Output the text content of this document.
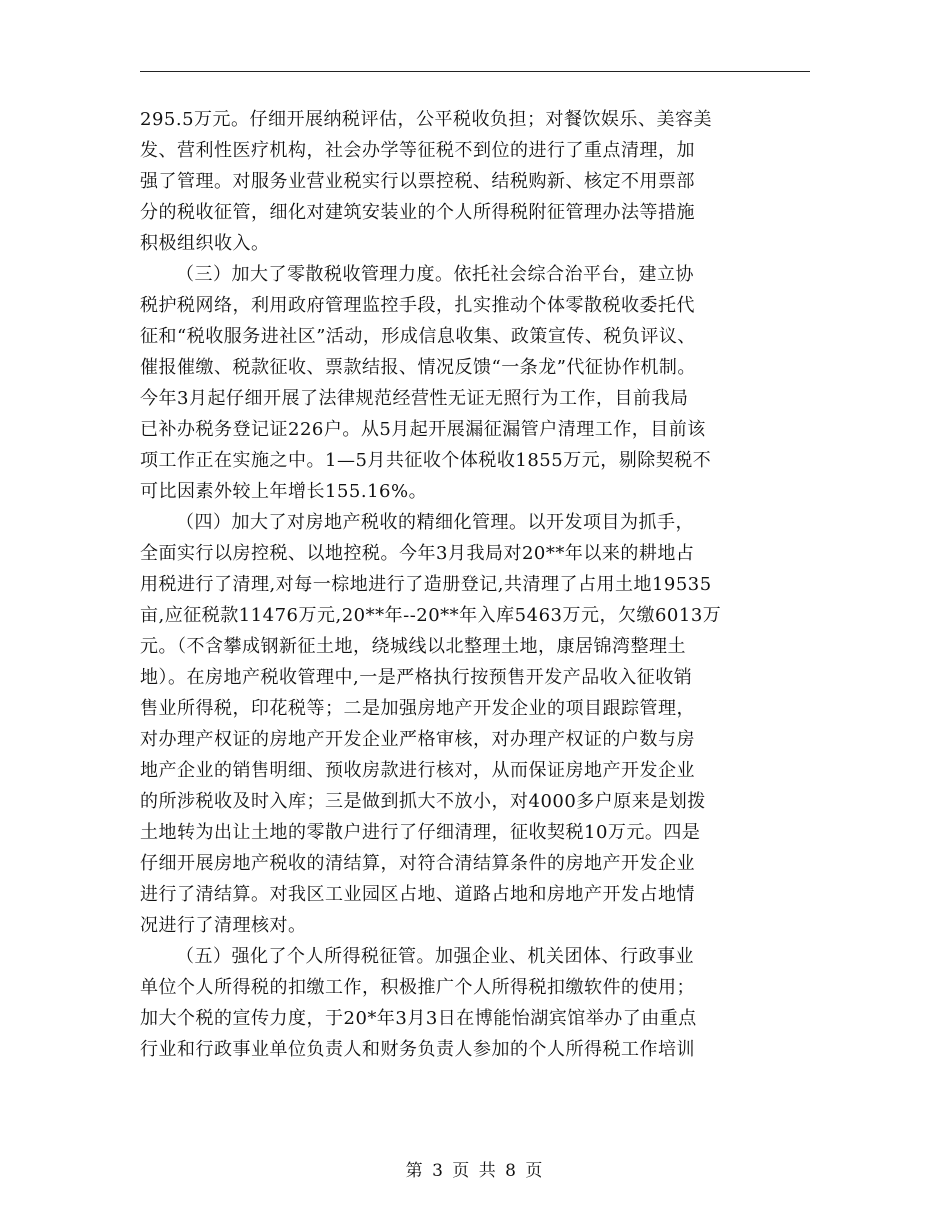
295.5万元。仔细开展纳税评估，公平税收负担；对餐饮娱乐、美容美
发、营利性医疗机构，社会办学等征税不到位的进行了重点清理，加
强了管理。对服务业营业税实行以票控税、结税购新、核定不用票部
分的税收征管，细化对建筑安装业的个人所得税附征管理办法等措施
积极组织收入。
（三）加大了零散税收管理力度。依托社会综合治平台，建立协
税护税网络，利用政府管理监控手段，扎实推动个体零散税收委托代
征和“税收服务进社区”活动，形成信息收集、政策宣传、税负评议、
催报催缴、税款征收、票款结报、情况反馈“一条龙”代征协作机制。
今年3月起仔细开展了法律规范经营性无证无照行为工作，目前我局
已补办税务登记证226户。从5月起开展漏征漏管户清理工作，目前该
项工作正在实施之中。1—5月共征收个体税收1855万元，剔除契税不
可比因素外较上年增长155.16%。
（四）加大了对房地产税收的精细化管理。以开发项目为抓手，
全面实行以房控税、以地控税。今年3月我局对20**年以来的耕地占
用税进行了清理,对每一棕地进行了造册登记,共清理了占用土地19535
亩,应征税款11476万元,20**年--20**年入库5463万元，欠缴6013万
元。（不含攀成钢新征土地，绕城线以北整理土地，康居锦湾整理土
地）。在房地产税收管理中,一是严格执行按预售开发产品收入征收销
售业所得税，印花税等；二是加强房地产开发企业的项目跟踪管理，
对办理产权证的房地产开发企业严格审核，对办理产权证的户数与房
地产企业的销售明细、预收房款进行核对，从而保证房地产开发企业
的所涉税收及时入库；三是做到抓大不放小，对4000多户原来是划拨
土地转为出让土地的零散户进行了仔细清理，征收契税10万元。四是
仔细开展房地产税收的清结算，对符合清结算条件的房地产开发企业
进行了清结算。对我区工业园区占地、道路占地和房地产开发占地情
况进行了清理核对。
（五）强化了个人所得税征管。加强企业、机关团体、行政事业
单位个人所得税的扣缴工作，积极推广个人所得税扣缴软件的使用；
加大个税的宣传力度，于20*年3月3日在博能怡湖宾馆举办了由重点
行业和行政事业单位负责人和财务负责人参加的个人所得税工作培训
第 3 页 共 8 页
